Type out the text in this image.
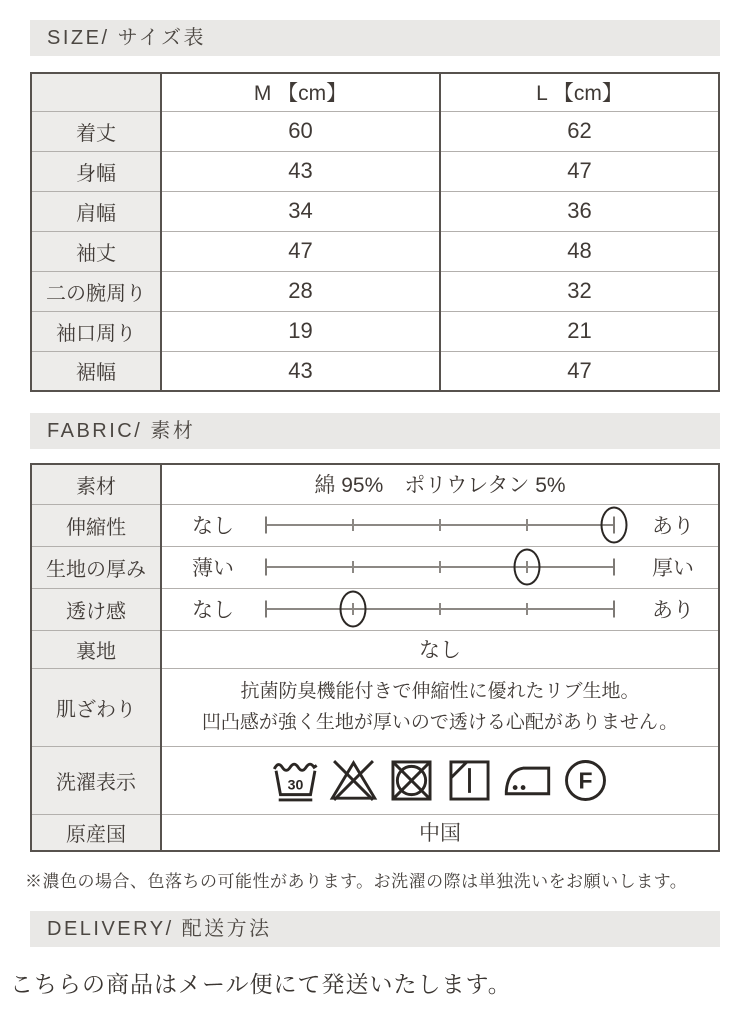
SIZE/ サイズ表
	M 【cm】	L 【cm】
着丈	60	62
身幅	43	47
肩幅	34	36
袖丈	47	48
二の腕周り	28	32
袖口周り	19	21
裾幅	43	47
FABRIC/ 素材
素材	綿 95%　ポリウレタン 5%
伸縮性	なし あり

生地の厚み	薄い 厚い

透け感	なし あり

裏地	なし
肌ざわり	抗菌防臭機能付きで伸縮性に優れたリブ生地。
凹凸感が強く生地が厚いので透ける心配がありません。

洗濯表示	30 F

原産国	中国
※濃色の場合、色落ちの可能性があります。お洗濯の際は単独洗いをお願いします。
DELIVERY/ 配送方法
こちらの商品はメール便にて発送いたします。
